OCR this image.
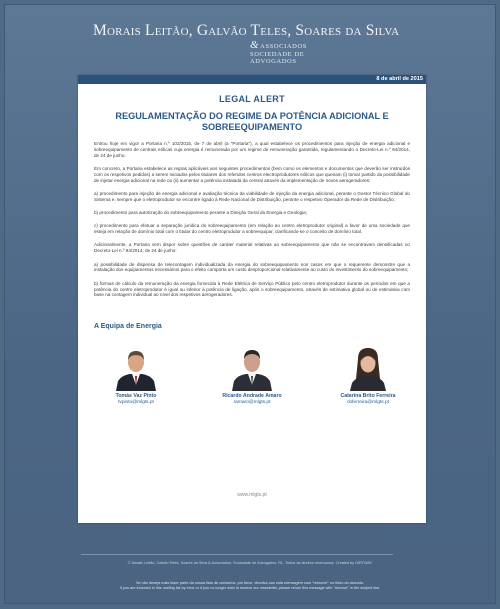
Morais Leitão, Galvão Teles, Soares da Silva
&ASSOCIADOS
SOCIEDADE DE
ADVOGADOS
8 de abril de 2015
LEGAL ALERT
REGULAMENTAÇÃO DO REGIME DA POTÊNCIA ADICIONAL E SOBREEQUIPAMENTO

Entrou hoje em vigor a Portaria n.º 102/2015, de 7 de abril (a "Portaria"), a qual estabelece os procedimentos para injeção de energia adicional e sobreequipamento de centrais eólicas cuja energia é remunerada por um regime de remuneração garantida, regulamentando o Decreto-Lei n.º 94/2014, de 24 de junho.

Em concreto, a Portaria estabelece as regras aplicáveis aos seguintes procedimentos (bem como os elementos e documentos que deverão ser instruídos com os respetivos pedidos) a serem iniciados pelos titulares dos referidos centros electroprodutores eólicos que queiram (i) tomar partido da possibilidade de injetar energia adicional na rede ou (ii) aumentar a potência instalada da central através da implementação de novos aerogeradores:

a) procedimento para injeção de energia adicional e avaliação técnica da viabilidade de injeção da energia adicional, perante o Gestor Técnico Global do Sistema e, sempre que o eletroprodutor se encontre ligado à Rede Nacional de Distribuição, perante o respetivo Operador da Rede de Distribuição;

b) procedimento para autorização do sobreequipamento perante a Direção Geral da Energia e Geologia;

c) procedimento para efetuar a separação jurídica do sobreequipamento (em relação ao centro eletroprodutor original) a favor de uma sociedade que esteja em relação de domínio total com o titular do centro eletroprodutor a sobreequipar, clarificando-se o conceito de domínio total.

Adicionalmente, a Portaria vem dispor sobre questões de caráter material relativas ao sobreequipamento que não se encontravam densificadas no Decreto-Lei n.º 94/2014, de 24 de junho:

a) possibilidade de dispensa de telecontagem individualizada da energia do sobreequipamento nos casos em que o requerente demonstre que a instalação dos equipamentos necessários para o efeito comporta um custo desproporcional relativamente ao custo do investimento do sobreequipamento;

b) formas de cálculo da remuneração da energia fornecida à Rede Elétrica de Serviço Público pelo centro eletroprodutor durante os períodos em que a potência do centro eletroprodutor é igual ou inferior à potência de ligação, após o sobreequipamento, através de estimativa global ou de estimativa com base na contagem individual ao nível dos respetivos aerogeradores.

A Equipa de Energia
Tomás Vaz Pinto
tvpinto@mlgts.pt
Ricardo Andrade Amaro
ramaro@mlgts.pt
Catarina Brito Ferreira
cbferreira@mlgts.pt
www.mlgts.pt
© Morais Leitão, Galvão Teles, Soares da Silva & Associados, Sociedade de Advogados, RL. Todos os direitos reservados. Created by DIRTWAY
Se não deseja mais fazer parte da nossa lista de contactos, por favor, devolva-nos esta mensagem com "remover" no título do assunto.
If you are included in this mailing list by error or if you no longer wish to receive our newsletter, please return this message with "remove" in the subject line.
